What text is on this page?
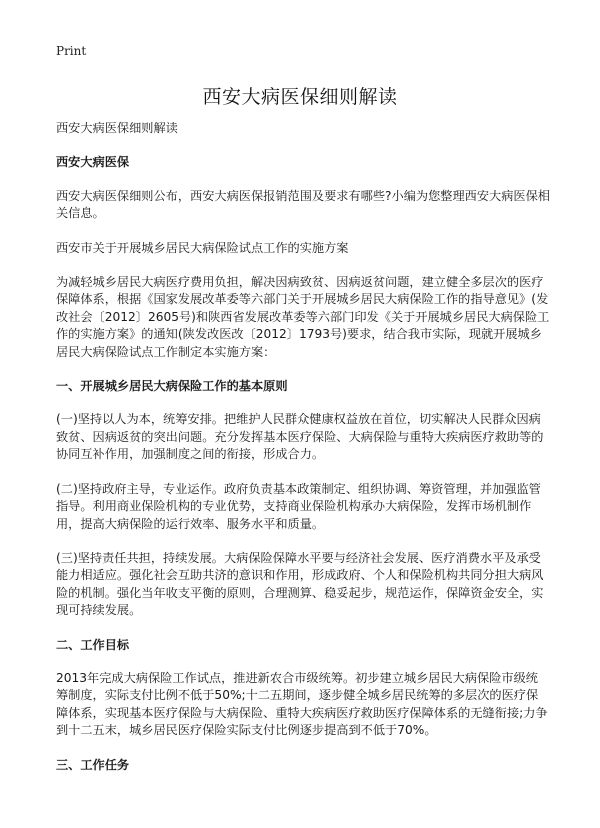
Print
西安大病医保细则解读

西安大病医保细则解读

西安大病医保

西安大病医保细则公布，西安大病医保报销范围及要求有哪些?小编为您整理西安大病医保相关信息。

西安市关于开展城乡居民大病保险试点工作的实施方案

为减轻城乡居民大病医疗费用负担，解决因病致贫、因病返贫问题，建立健全多层次的医疗保障体系，根据《国家发展改革委等六部门关于开展城乡居民大病保险工作的指导意见》(发改社会〔2012〕2605号)和陕西省发展改革委等六部门印发《关于开展城乡居民大病保险工作的实施方案》的通知(陕发改医改〔2012〕1793号)要求，结合我市实际，现就开展城乡居民大病保险试点工作制定本实施方案：

一、开展城乡居民大病保险工作的基本原则

(一)坚持以人为本，统筹安排。把维护人民群众健康权益放在首位，切实解决人民群众因病致贫、因病返贫的突出问题。充分发挥基本医疗保险、大病保险与重特大疾病医疗救助等的协同互补作用，加强制度之间的衔接，形成合力。

(二)坚持政府主导，专业运作。政府负责基本政策制定、组织协调、筹资管理，并加强监管指导。利用商业保险机构的专业优势，支持商业保险机构承办大病保险，发挥市场机制作用，提高大病保险的运行效率、服务水平和质量。

(三)坚持责任共担，持续发展。大病保险保障水平要与经济社会发展、医疗消费水平及承受能力相适应。强化社会互助共济的意识和作用，形成政府、个人和保险机构共同分担大病风险的机制。强化当年收支平衡的原则，合理测算、稳妥起步，规范运作，保障资金安全，实现可持续发展。

二、工作目标

2013年完成大病保险工作试点，推进新农合市级统筹。初步建立城乡居民大病保险市级统筹制度，实际支付比例不低于50%;十二五期间，逐步健全城乡居民统筹的多层次的医疗保障体系，实现基本医疗保险与大病保险、重特大疾病医疗救助医疗保障体系的无缝衔接;力争到十二五末，城乡居民医疗保险实际支付比例逐步提高到不低于70%。

三、工作任务
